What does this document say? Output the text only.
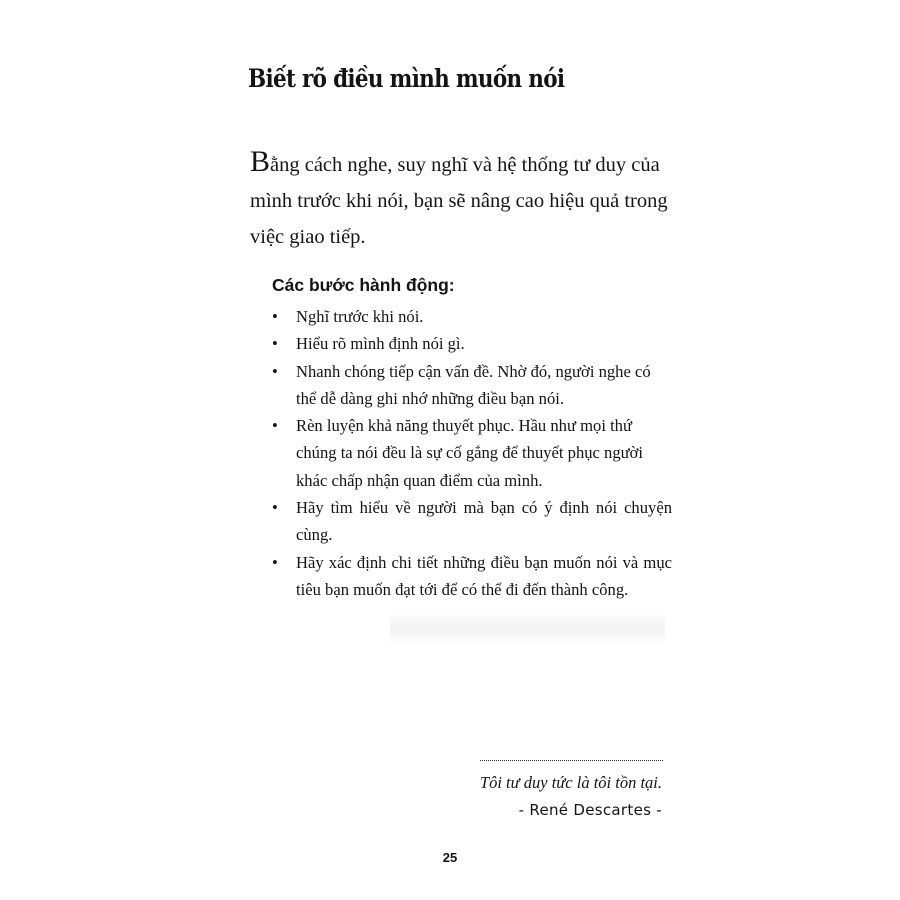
Biết rõ điều mình muốn nói

Bằng cách nghe, suy nghĩ và hệ thống tư duy của mình trước khi nói, bạn sẽ nâng cao hiệu quả trong việc giao tiếp.

Các bước hành động:
•	Nghĩ trước khi nói.
•	Hiểu rõ mình định nói gì.
•	Nhanh chóng tiếp cận vấn đề. Nhờ đó, người nghe có thể dễ dàng ghi nhớ những điều bạn nói.
•	Rèn luyện khả năng thuyết phục. Hầu như mọi thứ chúng ta nói đều là sự cố gắng để thuyết phục người khác chấp nhận quan điểm của mình.
•	Hãy tìm hiểu về người mà bạn có ý định nói chuyện cùng.
•	Hãy xác định chi tiết những điều bạn muốn nói và mục tiêu bạn muốn đạt tới để có thể đi đến thành công.

Tôi tư duy tức là tôi tồn tại.

- René Descartes -

25
